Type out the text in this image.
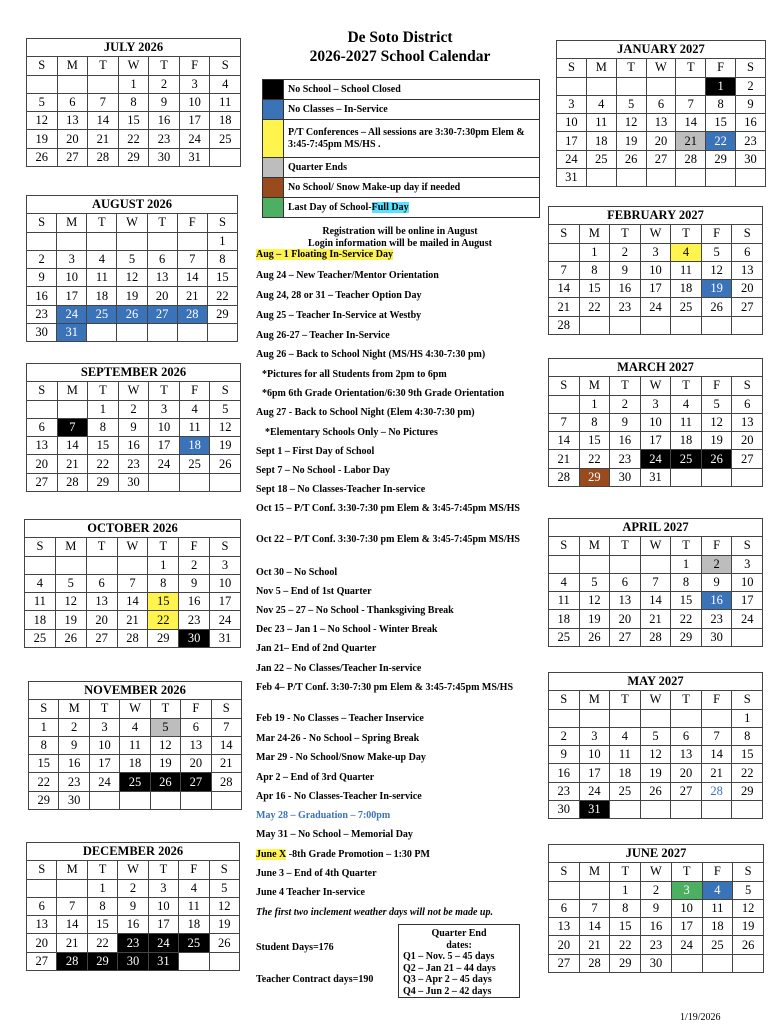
De Soto District
2026-2027 School Calendar
	No School – School Closed
	No Classes – In-Service
	P/T Conferences – All sessions are 3:30-7:30pm Elem & 3:45-7:45pm MS/HS .
	Quarter Ends
	No School/ Snow Make-up day if needed
	Last Day of School-Full Day
Registration will be online in August
Login information will be mailed in August
Aug – 1 Floating In-Service Day
Aug 24 – New Teacher/Mentor Orientation
Aug 24, 28 or 31 – Teacher Option Day
Aug 25 – Teacher In-Service at Westby
Aug 26-27 – Teacher In-Service
Aug 26 – Back to School Night (MS/HS 4:30-7:30 pm)
*Pictures for all Students from 2pm to 6pm
*6pm 6th Grade Orientation/6:30 9th Grade Orientation
Aug 27 - Back to School Night (Elem 4:30-7:30 pm)
*Elementary Schools Only – No Pictures
Sept 1 – First Day of School
Sept 7 – No School - Labor Day
Sept 18 – No Classes-Teacher In-service
Oct 15 – P/T Conf. 3:30-7:30 pm Elem & 3:45-7:45pm MS/HS
Oct 22 – P/T Conf. 3:30-7:30 pm Elem & 3:45-7:45pm MS/HS
Oct 30 – No School
Nov 5 – End of 1st Quarter
Nov 25 – 27 – No School - Thanksgiving Break
Dec 23 – Jan 1 – No School - Winter Break
Jan 21– End of 2nd Quarter
Jan 22 – No Classes/Teacher In-service
Feb 4– P/T Conf. 3:30-7:30 pm Elem & 3:45-7:45pm MS/HS
Feb 19 - No Classes – Teacher Inservice
Mar 24-26 - No School – Spring Break
Mar 29 - No School/Snow Make-up Day
Apr 2 – End of 3rd Quarter
Apr 16 - No Classes-Teacher In-service
May 28 – Graduation – 7:00pm
May 31 – No School – Memorial Day
June X -8th Grade Promotion – 1:30 PM
June 3 – End of 4th Quarter
June 4 Teacher In-service
The first two inclement weather days will not be made up.
Student Days=176
Teacher Contract days=190
Quarter End
dates:
Q1 – Nov. 5 – 45 days
Q2 – Jan 21 – 44 days
Q3 – Apr 2 – 45 days
Q4 – Jun 2 – 42 days
1/19/2026
JULY 2026						
S	M	T	W	T	F	S
			1	2	3	4
5	6	7	8	9	10	11
12	13	14	15	16	17	18
19	20	21	22	23	24	25
26	27	28	29	30	31	
AUGUST 2026						
S	M	T	W	T	F	S
						1
2	3	4	5	6	7	8
9	10	11	12	13	14	15
16	17	18	19	20	21	22
23	24	25	26	27	28	29
30	31					
SEPTEMBER 2026						
S	M	T	W	T	F	S
		1	2	3	4	5
6	7	8	9	10	11	12
13	14	15	16	17	18	19
20	21	22	23	24	25	26
27	28	29	30			
OCTOBER 2026						
S	M	T	W	T	F	S
				1	2	3
4	5	6	7	8	9	10
11	12	13	14	15	16	17
18	19	20	21	22	23	24
25	26	27	28	29	30	31
NOVEMBER 2026						
S	M	T	W	T	F	S
1	2	3	4	5	6	7
8	9	10	11	12	13	14
15	16	17	18	19	20	21
22	23	24	25	26	27	28
29	30					
DECEMBER 2026						
S	M	T	W	T	F	S
		1	2	3	4	5
6	7	8	9	10	11	12
13	14	15	16	17	18	19
20	21	22	23	24	25	26
27	28	29	30	31		
JANUARY 2027						
S	M	T	W	T	F	S
					1	2
3	4	5	6	7	8	9
10	11	12	13	14	15	16
17	18	19	20	21	22	23
24	25	26	27	28	29	30
31						
FEBRUARY 2027						
S	M	T	W	T	F	S
	1	2	3	4	5	6
7	8	9	10	11	12	13
14	15	16	17	18	19	20
21	22	23	24	25	26	27
28						
MARCH 2027						
S	M	T	W	T	F	S
	1	2	3	4	5	6
7	8	9	10	11	12	13
14	15	16	17	18	19	20
21	22	23	24	25	26	27
28	29	30	31			
APRIL 2027						
S	M	T	W	T	F	S
				1	2	3
4	5	6	7	8	9	10
11	12	13	14	15	16	17
18	19	20	21	22	23	24
25	26	27	28	29	30	
MAY 2027						
S	M	T	W	T	F	S
						1
2	3	4	5	6	7	8
9	10	11	12	13	14	15
16	17	18	19	20	21	22
23	24	25	26	27	28	29
30	31					
JUNE 2027						
S	M	T	W	T	F	S
		1	2	3	4	5
6	7	8	9	10	11	12
13	14	15	16	17	18	19
20	21	22	23	24	25	26
27	28	29	30			
